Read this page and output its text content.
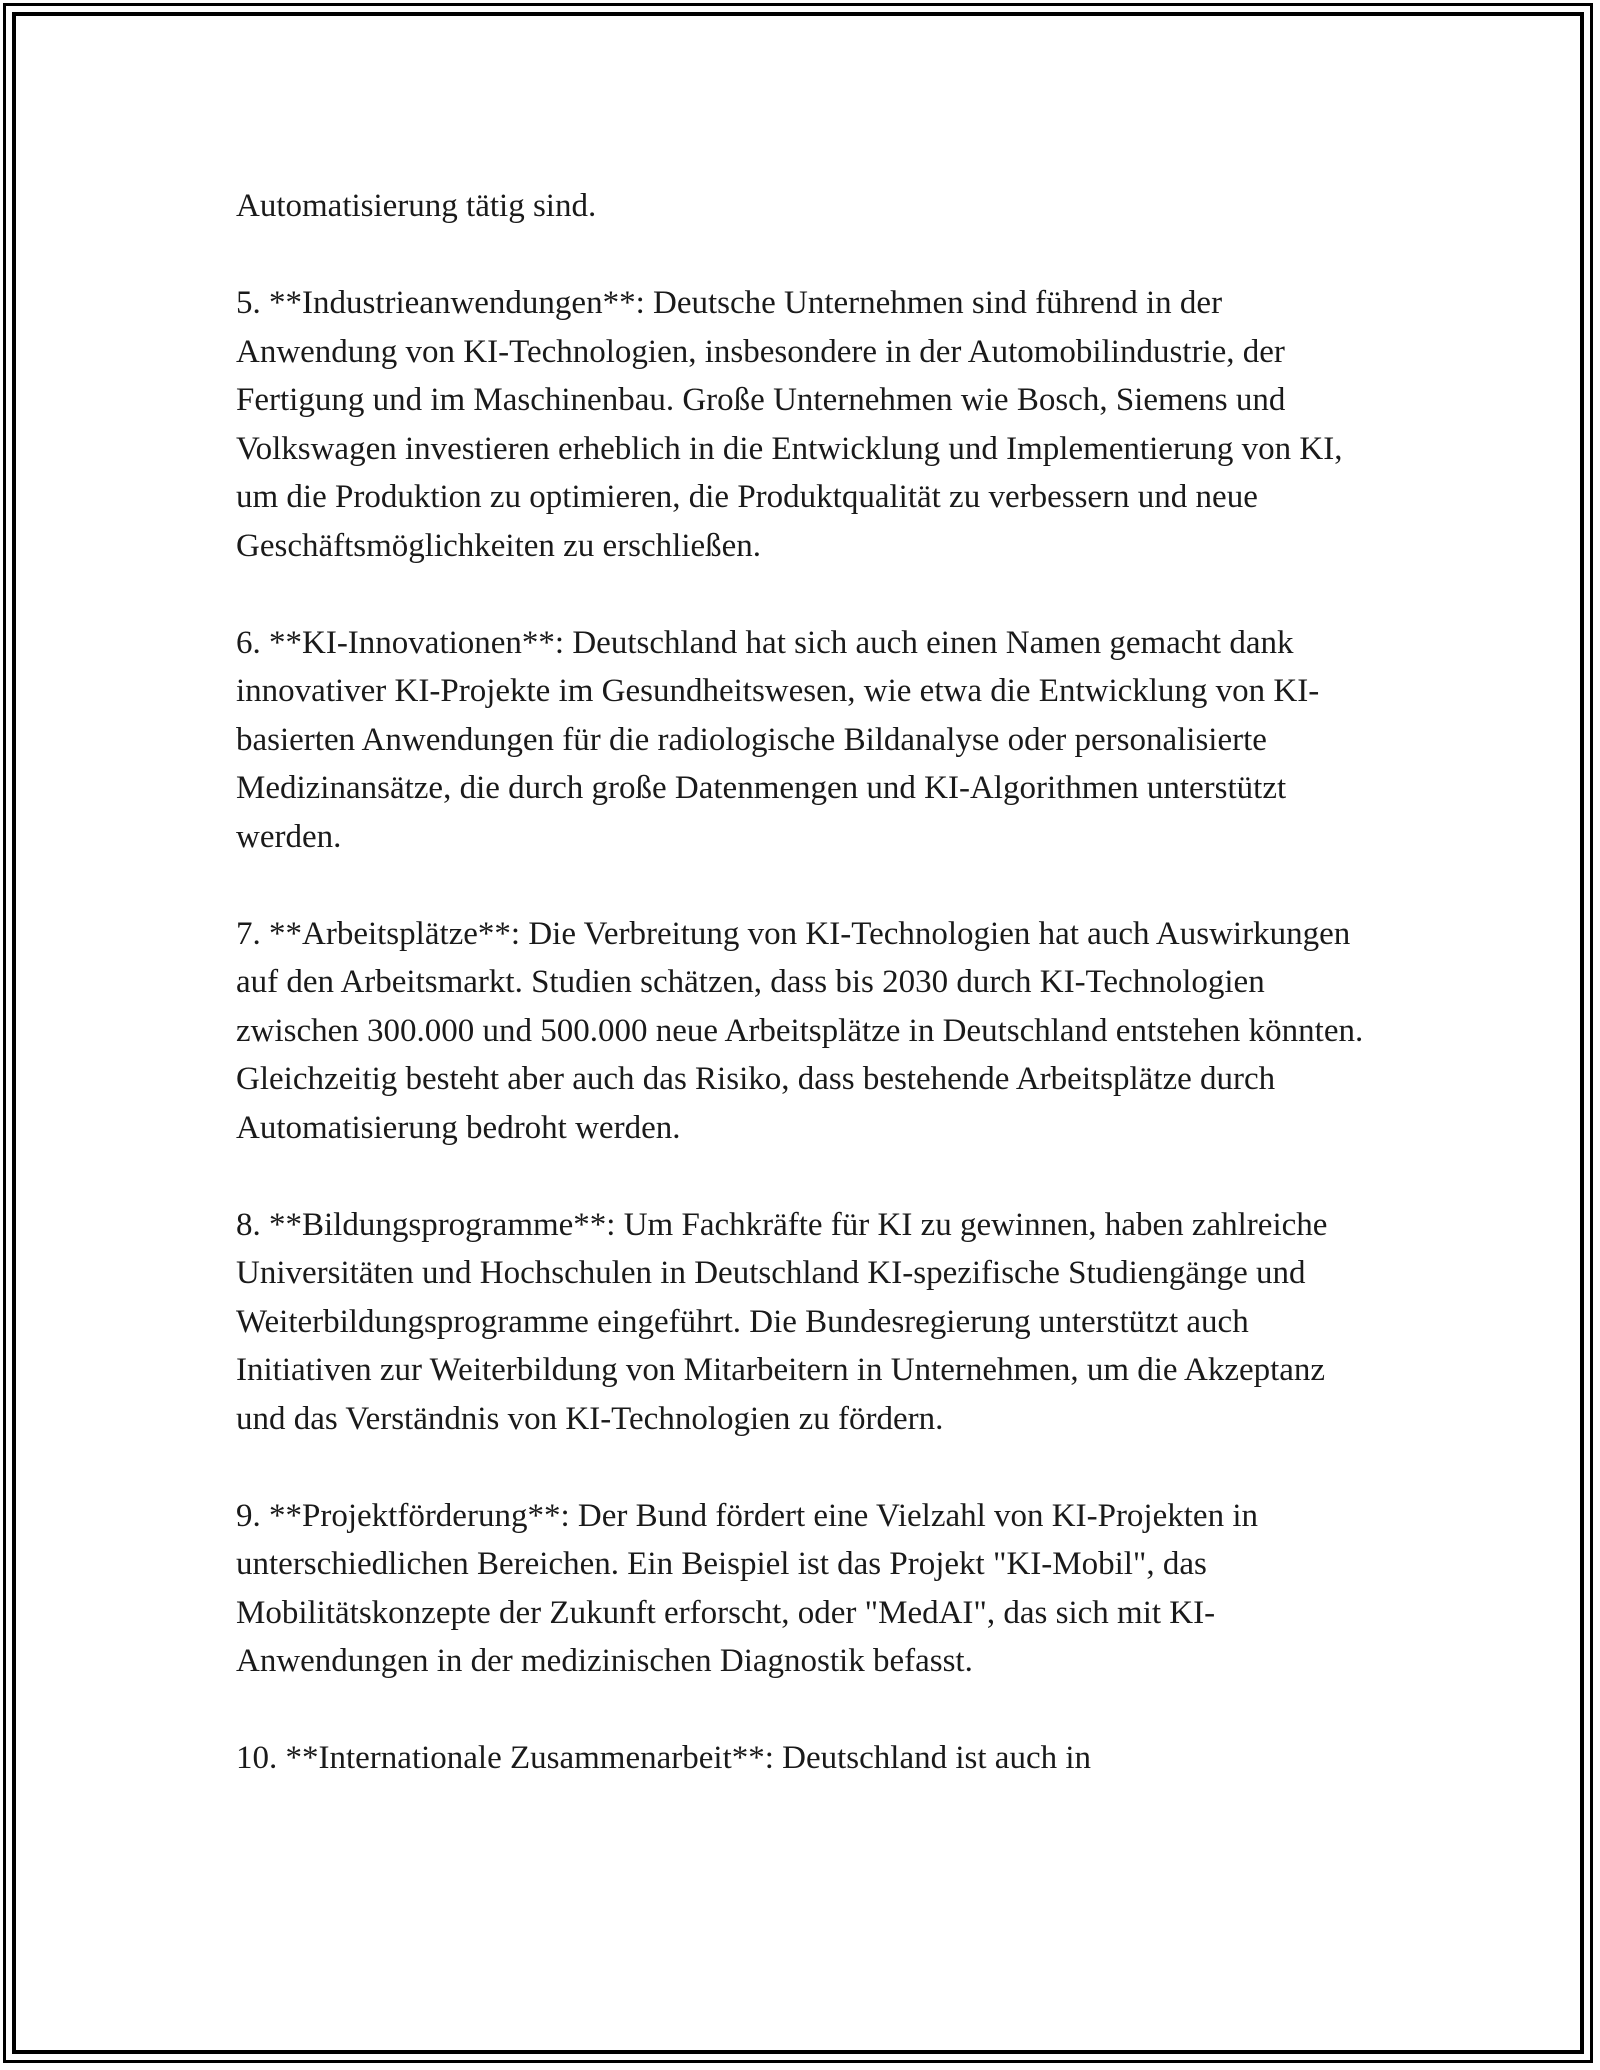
Automatisierung tätig sind.

5. **Industrieanwendungen**: Deutsche Unternehmen sind führend in der Anwendung von KI-Technologien, insbesondere in der Automobilindustrie, der Fertigung und im Maschinenbau. Große Unternehmen wie Bosch, Siemens und Volkswagen investieren erheblich in die Entwicklung und Implementierung von KI, um die Produktion zu optimieren, die Produktqualität zu verbessern und neue Geschäftsmöglichkeiten zu erschließen.

6. **KI-Innovationen**: Deutschland hat sich auch einen Namen gemacht dank innovativer KI-Projekte im Gesundheitswesen, wie etwa die Entwicklung von KI-basierten Anwendungen für die radiologische Bildanalyse oder personalisierte Medizinansätze, die durch große Datenmengen und KI-Algorithmen unterstützt werden.

7. **Arbeitsplätze**: Die Verbreitung von KI-Technologien hat auch Auswirkungen auf den Arbeitsmarkt. Studien schätzen, dass bis 2030 durch KI-Technologien zwischen 300.000 und 500.000 neue Arbeitsplätze in Deutschland entstehen könnten. Gleichzeitig besteht aber auch das Risiko, dass bestehende Arbeitsplätze durch Automatisierung bedroht werden.

8. **Bildungsprogramme**: Um Fachkräfte für KI zu gewinnen, haben zahlreiche Universitäten und Hochschulen in Deutschland KI-spezifische Studiengänge und Weiterbildungsprogramme eingeführt. Die Bundesregierung unterstützt auch Initiativen zur Weiterbildung von Mitarbeitern in Unternehmen, um die Akzeptanz und das Verständnis von KI-Technologien zu fördern.

9. **Projektförderung**: Der Bund fördert eine Vielzahl von KI-Projekten in unterschiedlichen Bereichen. Ein Beispiel ist das Projekt "KI-Mobil", das Mobilitätskonzepte der Zukunft erforscht, oder "MedAI", das sich mit KI-Anwendungen in der medizinischen Diagnostik befasst.

10. **Internationale Zusammenarbeit**: Deutschland ist auch in
